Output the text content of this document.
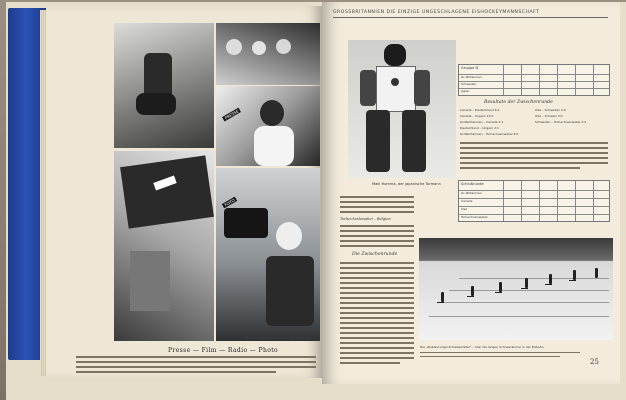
PRESSE
FOTO
Photo: Schirner (3), Stelzer (2), Weltbild(1)
Presse — Film — Radio — Photo
GROSSBRITANNIEN DIE EINZIGE UNGESCHLAGENE EISHOCKEYMANNSCHAFT
Maki Homma, der japanische Tormann
Gruppe D
Gr.-Britannien
Schweden
Japan
Resultate der Zwischenrunde
Canada – Deutschland 6:2	USA – Schweden 2:0
Canada – Ungarn 15:0	USA – Schweiz 3:0
Großbritannien – Canada 2:1	Schweden – Tschechoslowakei 3:2
Deutschland – Ungarn 2:1
Großbritannien – Tschechoslowakei 5:0
Schlußrunde
Gr.-Britannien
Canada
USA
Tschechoslowakei
Tschechoslowakei – Belgien
Die Zwischenrunde
Die „Eisbahnvögel Schiebemädel“ – oder die langen Schneeräumer in der Eisbahn
25
